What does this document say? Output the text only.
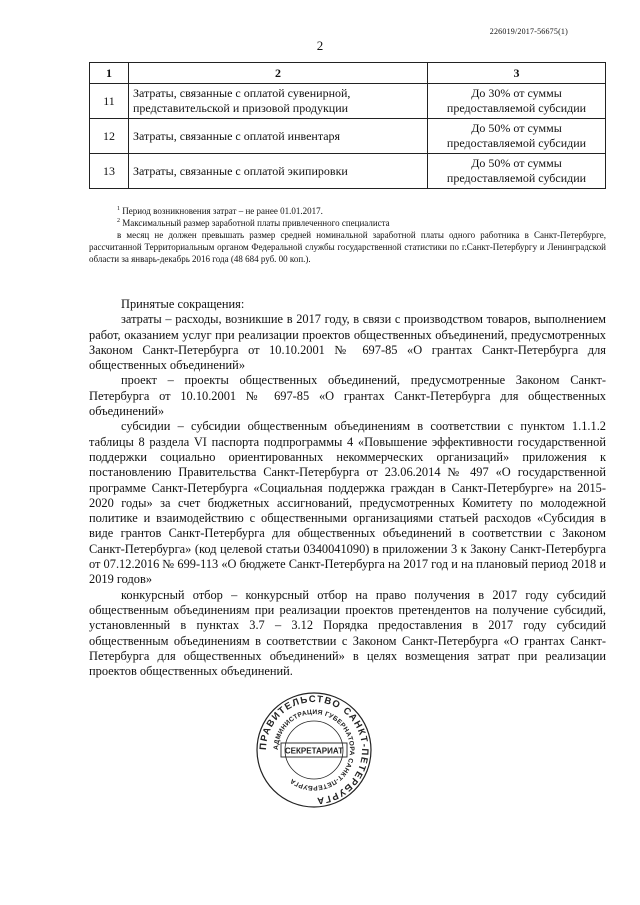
226019/2017-56675(1)
2
1	2	3
11	Затраты, связанные с оплатой сувенирной, представительской и призовой продукции	До 30% от суммы предоставляемой субсидии
12	Затраты, связанные с оплатой инвентаря	До 50% от суммы предоставляемой субсидии
13	Затраты, связанные с оплатой экипировки	До 50% от суммы предоставляемой субсидии

$^1$ Период возникновения затрат – не ранее 01.01.2017.

$^2$ Максимальный размер заработной платы привлеченного специалиста

в месяц не должен превышать размер средней номинальной заработной платы одного работника в Санкт-Петербурге, рассчитанной Территориальным органом Федеральной службы государственной статистики по г.Санкт-Петербургу и Ленинградской области за январь-декабрь 2016 года (48 684 руб. 00 коп.).

Принятые сокращения:

затраты – расходы, возникшие в 2017 году, в связи с производством товаров, выполнением работ, оказанием услуг при реализации проектов общественных объединений, предусмотренных Законом Санкт-Петербурга от 10.10.2001 № 697-85 «О грантах Санкт-Петербурга для общественных объединений»

проект – проекты общественных объединений, предусмотренные Законом Санкт-Петербурга от 10.10.2001 № 697-85 «О грантах Санкт-Петербурга для общественных объединений»

субсидии – субсидии общественным объединениям в соответствии с пунктом 1.1.1.2 таблицы 8 раздела VI паспорта подпрограммы 4 «Повышение эффективности государственной поддержки социально ориентированных некоммерческих организаций» приложения к постановлению Правительства Санкт-Петербурга от 23.06.2014 № 497 «О государственной программе Санкт-Петербурга «Социальная поддержка граждан в Санкт-Петербурге» на 2015-2020 годы» за счет бюджетных ассигнований, предусмотренных Комитету по молодежной политике и взаимодействию с общественными организациями статьей расходов «Субсидия в виде грантов Санкт-Петербурга для общественных объединений в соответствии с Законом Санкт-Петербурга» (код целевой статьи 0340041090) в приложении 3 к Закону Санкт-Петербурга от 07.12.2016 № 699-113 «О бюджете Санкт-Петербурга на 2017 год и на плановый период 2018 и 2019 годов»

конкурсный отбор – конкурсный отбор на право получения в 2017 году субсидий общественным объединениям при реализации проектов претендентов на получение субсидий, установленный в пунктах 3.7 – 3.12 Порядка предоставления в 2017 году субсидий общественным объединениям в соответствии с Законом Санкт-Петербурга «О грантах Санкт-Петербурга для общественных объединений» в целях возмещения затрат при реализации проектов общественных объединений.

ПРАВИТЕЛЬСТВО САНКТ-ПЕТЕРБУРГА
АДМИНИСТРАЦИЯ ГУБЕРНАТОРА САНКТ-ПЕТЕРБУРГА
СЕКРЕТАРИАТ
